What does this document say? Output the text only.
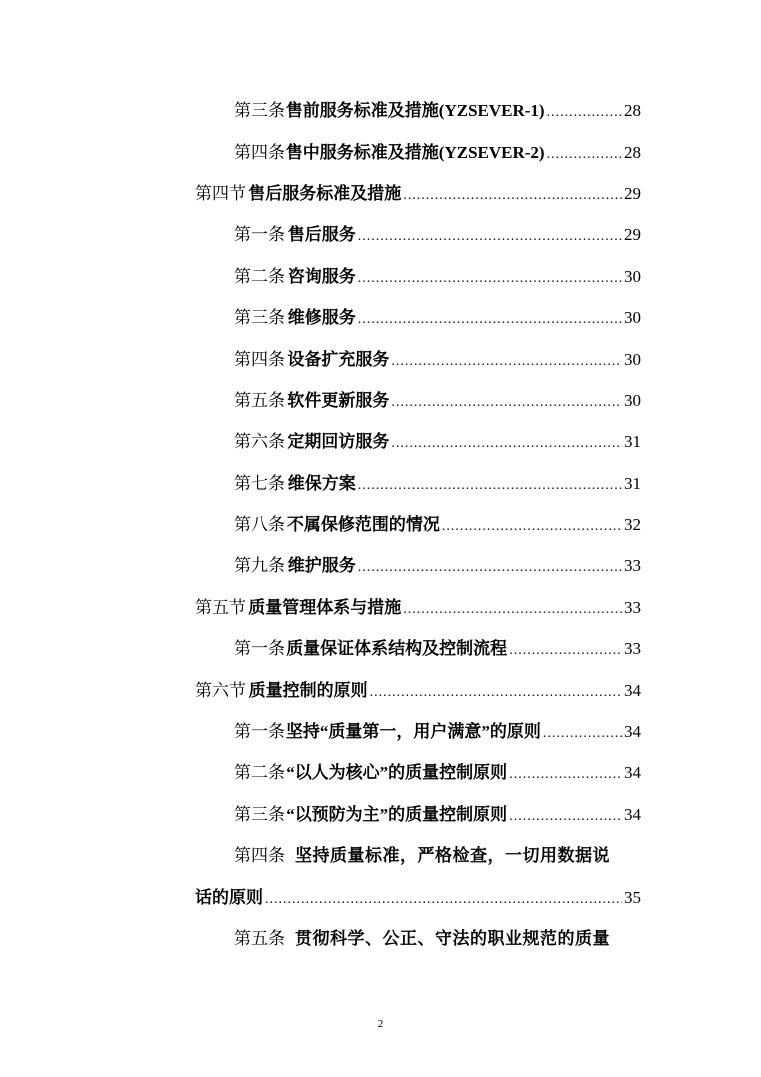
第三条 售前服务标准及措施(YZSEVER-1) .....	28
第四条 售中服务标准及措施(YZSEVER-2) .....	28
第四节 售后服务标准及措施 .....	29
第一条 售后服务 .....	29
第二条 咨询服务 .....	30
第三条 维修服务 .....	30
第四条 设备扩充服务 .....	30
第五条 软件更新服务 .....	30
第六条 定期回访服务 .....	31
第七条 维保方案 .....	31
第八条 不属保修范围的情况 .....	32
第九条 维护服务 .....	33
第五节 质量管理体系与措施 .....	33
第一条 质量保证体系结构及控制流程 .....	33
第六节 质量控制的原则 .....	34
第一条 坚持“质量第一，用户满意”的原则 .....	34
第二条 “以人为核心”的质量控制原则 .....	34
第三条 “以预防为主”的质量控制原则 .....	34
第四条 坚持质量标准，严格检查，一切用数据说
话的原则 .....	35
第五条 贯彻科学、公正、守法的职业规范的质量
2
